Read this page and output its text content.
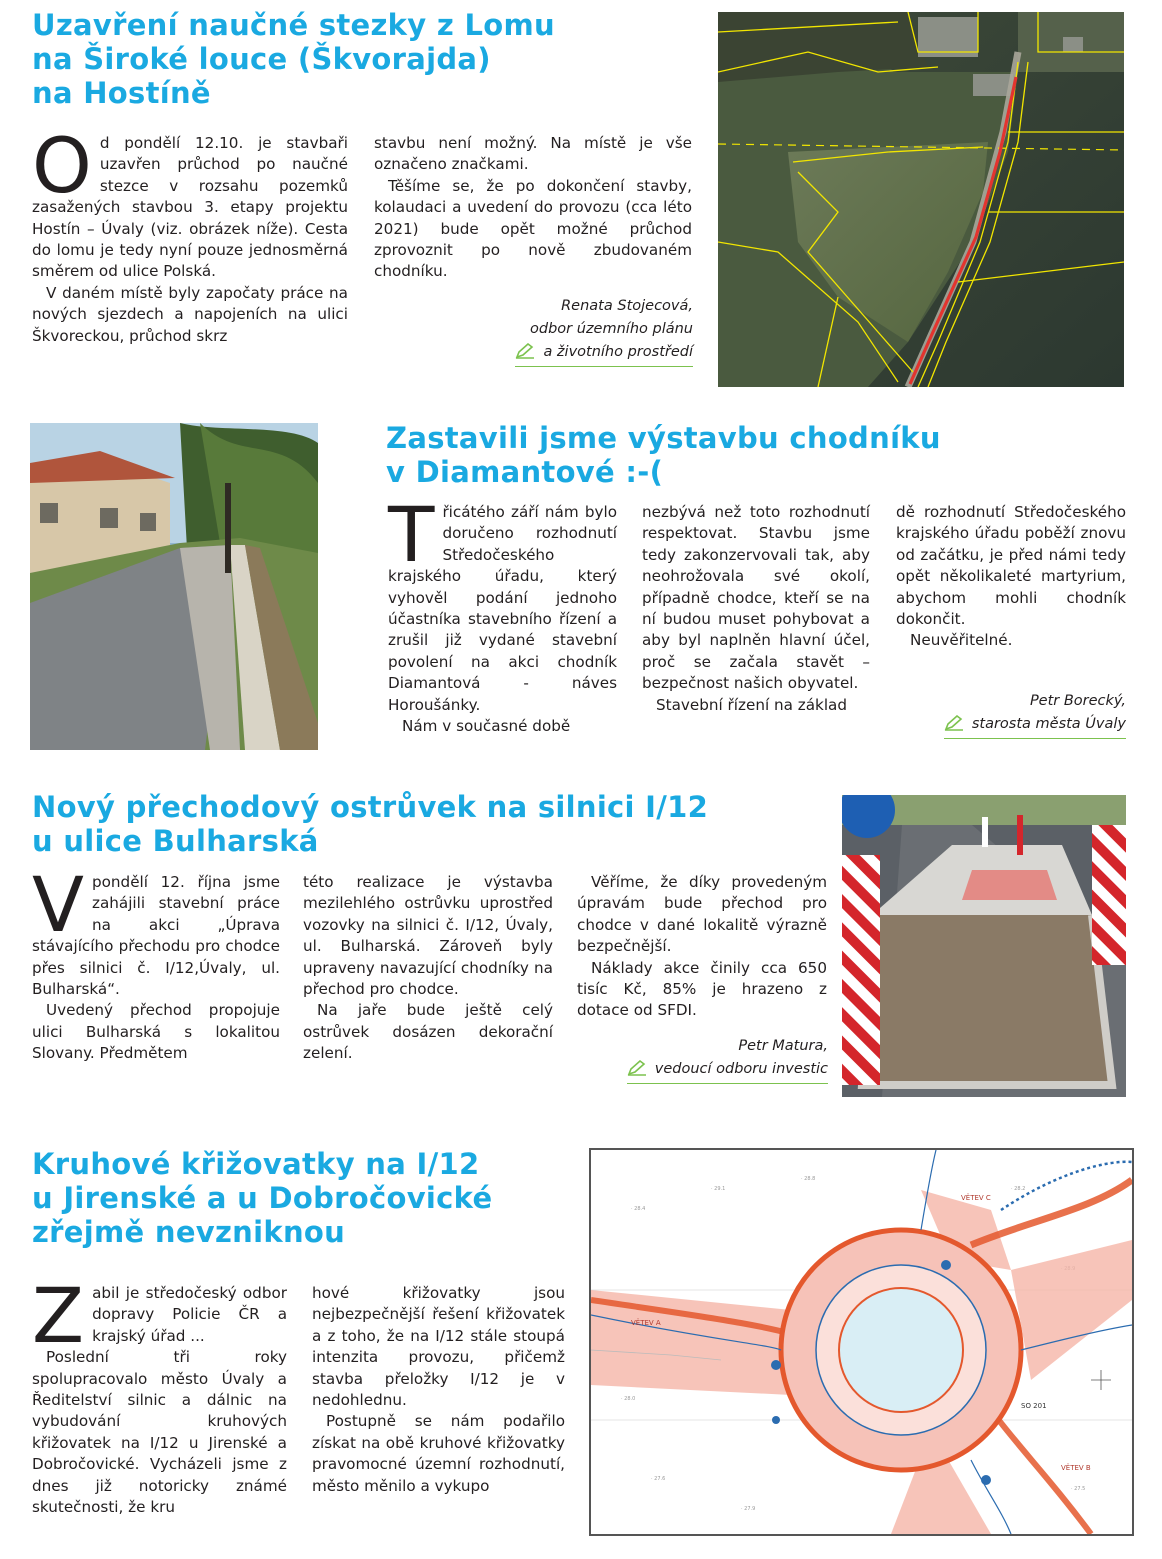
Uzavření naučné stezky z Lomu
na Široké louce (Škvorajda)
na Hostíně
O d pondělí 12.10. je stavbaři uzavřen průchod po naučné stezce v rozsahu pozemků zasažených stavbou 3. etapy projektu Hostín – Úvaly (viz. obrázek níže). Cesta do lomu je tedy nyní pouze jednosměrná směrem od ulice Polská.

V daném místě byly započaty práce na nových sjezdech a napojeních na ulici Škvoreckou, průchod skrz

stavbu není možný. Na místě je vše označeno značkami.

Těšíme se, že po dokončení stavby, kolaudaci a uvedení do provozu (cca léto 2021) bude opět možné průchod zprovoznit po nově zbudovaném chodníku.

Renata Stojecová,
odbor územního plánu
a životního prostředí
Zastavili jsme výstavbu chodníku
v Diamantové :-(
T řicátého září nám bylo doručeno rozhodnutí Středočeského krajského úřadu, který vyhověl podání jednoho účastníka stavebního řízení a zrušil již vydané stavební povolení na akci chodník Diamantová - náves Horoušánky.

Nám v současné době

nezbývá než toto rozhodnutí respektovat. Stavbu jsme tedy zakonzervovali tak, aby neohrožovala své okolí, případně chodce, kteří se na ní budou muset pohybovat a aby byl naplněn hlavní účel, proč se začala stavět – bezpečnost našich obyvatel.

Stavební řízení na základ

dě rozhodnutí Středočeského krajského úřadu poběží znovu od začátku, je před námi tedy opět několikaleté martyrium, abychom mohli chodník dokončit.

Neuvěřitelné.

Petr Borecký,
starosta města Úvaly
Nový přechodový ostrůvek na silnici I/12
u ulice Bulharská
V pondělí 12. října jsme zahájili stavební práce na akci „Úprava stávajícího přechodu pro chodce přes silnici č. I/12,Úvaly, ul. Bulharská“.

Uvedený přechod propojuje ulici Bulharská s lokalitou Slovany. Předmětem

této realizace je výstavba mezilehlého ostrůvku uprostřed vozovky na silnici č. I/12, Úvaly, ul. Bulharská. Zároveň byly upraveny navazující chodníky na přechod pro chodce.

Na jaře bude ještě celý ostrůvek dosázen dekorační zelení.

Věříme, že díky provedeným úpravám bude přechod pro chodce v dané lokalitě výrazně bezpečnější.

Náklady akce činily cca 650 tisíc Kč, 85% je hrazeno z dotace od SFDI.

Petr Matura,
vedoucí odboru investic
Kruhové křižovatky na I/12
u Jirenské a u Dobročovické
zřejmě nevzniknou
Z abil je středočeský odbor dopravy Policie ČR a krajský úřad ...

Poslední tři roky spolupracovalo město Úvaly a Ředitelství silnic a dálnic na vybudování kruhových křižovatek na I/12 u Jirenské a Dobročovické. Vycházeli jsme z dnes již notoricky známé skutečnosti, že kru

hové křižovatky jsou nejbezpečnější řešení křižovatek a z toho, že na I/12 stále stoupá intenzita provozu, přičemž stavba přeložky I/12 je v nedohlednu.

Postupně se nám podařilo získat na obě kruhové křižovatky pravomocné územní rozhodnutí, město měnilo a vykupo

· 28.4
· 29.1
· 28.8
· 27.6
· 27.9
· 28.2
· 27.5
· 28.0
VĚTEV A
VĚTEV B
VĚTEV C
SO 201
